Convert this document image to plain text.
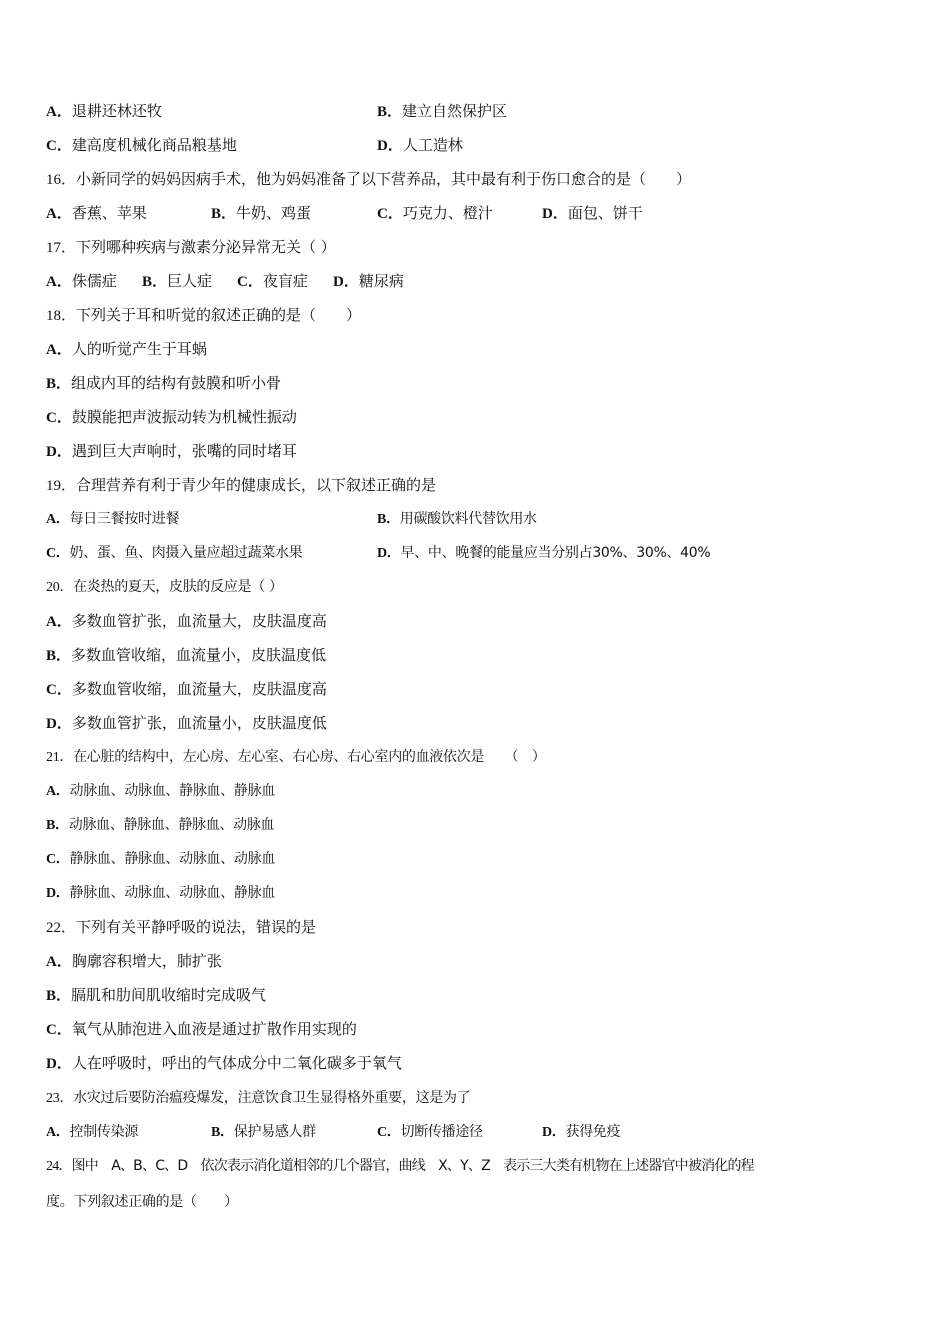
A．退耕还林还牧	B．建立自然保护区
C．建高度机械化商品粮基地	D．人工造林
16．小新同学的妈妈因病手术，他为妈妈准备了以下营养品，其中最有利于伤口愈合的是（　　）
A．香蕉、苹果	B．牛奶、鸡蛋	C．巧克力、橙汁	D．面包、饼干
17．下列哪种疾病与激素分泌异常无关（ ）
A．侏儒症 B．巨人症 C．夜盲症 D．糖尿病
18．下列关于耳和听觉的叙述正确的是（　　）
A．人的听觉产生于耳蜗
B．组成内耳的结构有鼓膜和听小骨
C．鼓膜能把声波振动转为机械性振动
D．遇到巨大声响时，张嘴的同时堵耳
19．合理营养有利于青少年的健康成长，以下叙述正确的是
A．每日三餐按时进餐	B．用碳酸饮料代替饮用水
C．奶、蛋、鱼、肉摄入量应超过蔬菜水果	D．早、中、晚餐的能量应当分别占30%、30%、40%
20．在炎热的夏天，皮肤的反应是（ ）
A．多数血管扩张，血流量大，皮肤温度高
B．多数血管收缩，血流量小，皮肤温度低
C．多数血管收缩，血流量大，皮肤温度高
D．多数血管扩张，血流量小，皮肤温度低
21．在心脏的结构中，左心房、左心室、右心房、右心室内的血液依次是　　（　）
A．动脉血、动脉血、静脉血、静脉血
B．动脉血、静脉血、静脉血、动脉血
C．静脉血、静脉血、动脉血、动脉血
D．静脉血、动脉血、动脉血、静脉血
22．下列有关平静呼吸的说法，错误的是
A．胸廓容积增大，肺扩张
B．膈肌和肋间肌收缩时完成吸气
C．氧气从肺泡进入血液是通过扩散作用实现的
D．人在呼吸时，呼出的气体成分中二氧化碳多于氧气
23．水灾过后要防治瘟疫爆发，注意饮食卫生显得格外重要，这是为了
A．控制传染源	B．保护易感人群	C．切断传播途径	D．获得免疫
24．图中　A、B、C、D　依次表示消化道相邻的几个器官，曲线　X、Y、Z　表示三大类有机物在上述器官中被消化的程
度。下列叙述正确的是（　　）
